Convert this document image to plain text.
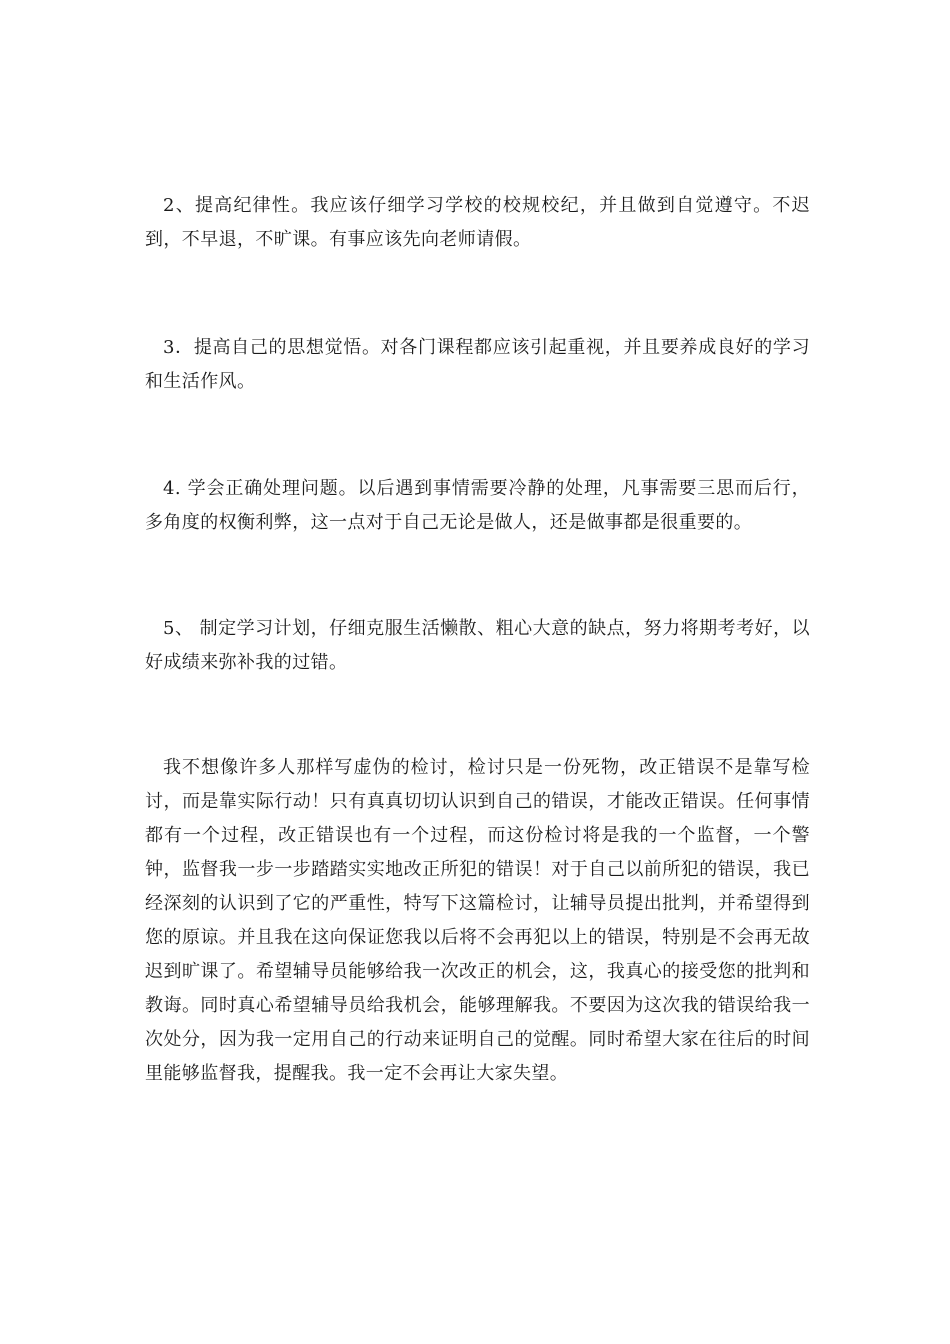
2、提高纪律性。我应该仔细学习学校的校规校纪，并且做到自觉遵守。不迟到，不早退，不旷课。有事应该先向老师请假。

3．提高自己的思想觉悟。对各门课程都应该引起重视，并且要养成良好的学习和生活作风。

4. 学会正确处理问题。以后遇到事情需要冷静的处理，凡事需要三思而后行，多角度的权衡利弊，这一点对于自己无论是做人，还是做事都是很重要的。

5、 制定学习计划，仔细克服生活懒散、粗心大意的缺点，努力将期考考好，以好成绩来弥补我的过错。

我不想像许多人那样写虚伪的检讨，检讨只是一份死物，改正错误不是靠写检讨，而是靠实际行动！只有真真切切认识到自己的错误，才能改正错误。任何事情都有一个过程，改正错误也有一个过程，而这份检讨将是我的一个监督，一个警钟，监督我一步一步踏踏实实地改正所犯的错误！对于自己以前所犯的错误，我已经深刻的认识到了它的严重性，特写下这篇检讨，让辅导员提出批判，并希望得到您的原谅。并且我在这向保证您我以后将不会再犯以上的错误，特别是不会再无故迟到旷课了。希望辅导员能够给我一次改正的机会，这，我真心的接受您的批判和教诲。同时真心希望辅导员给我机会，能够理解我。不要因为这次我的错误给我一次处分，因为我一定用自己的行动来证明自己的觉醒。同时希望大家在往后的时间里能够监督我，提醒我。我一定不会再让大家失望。
